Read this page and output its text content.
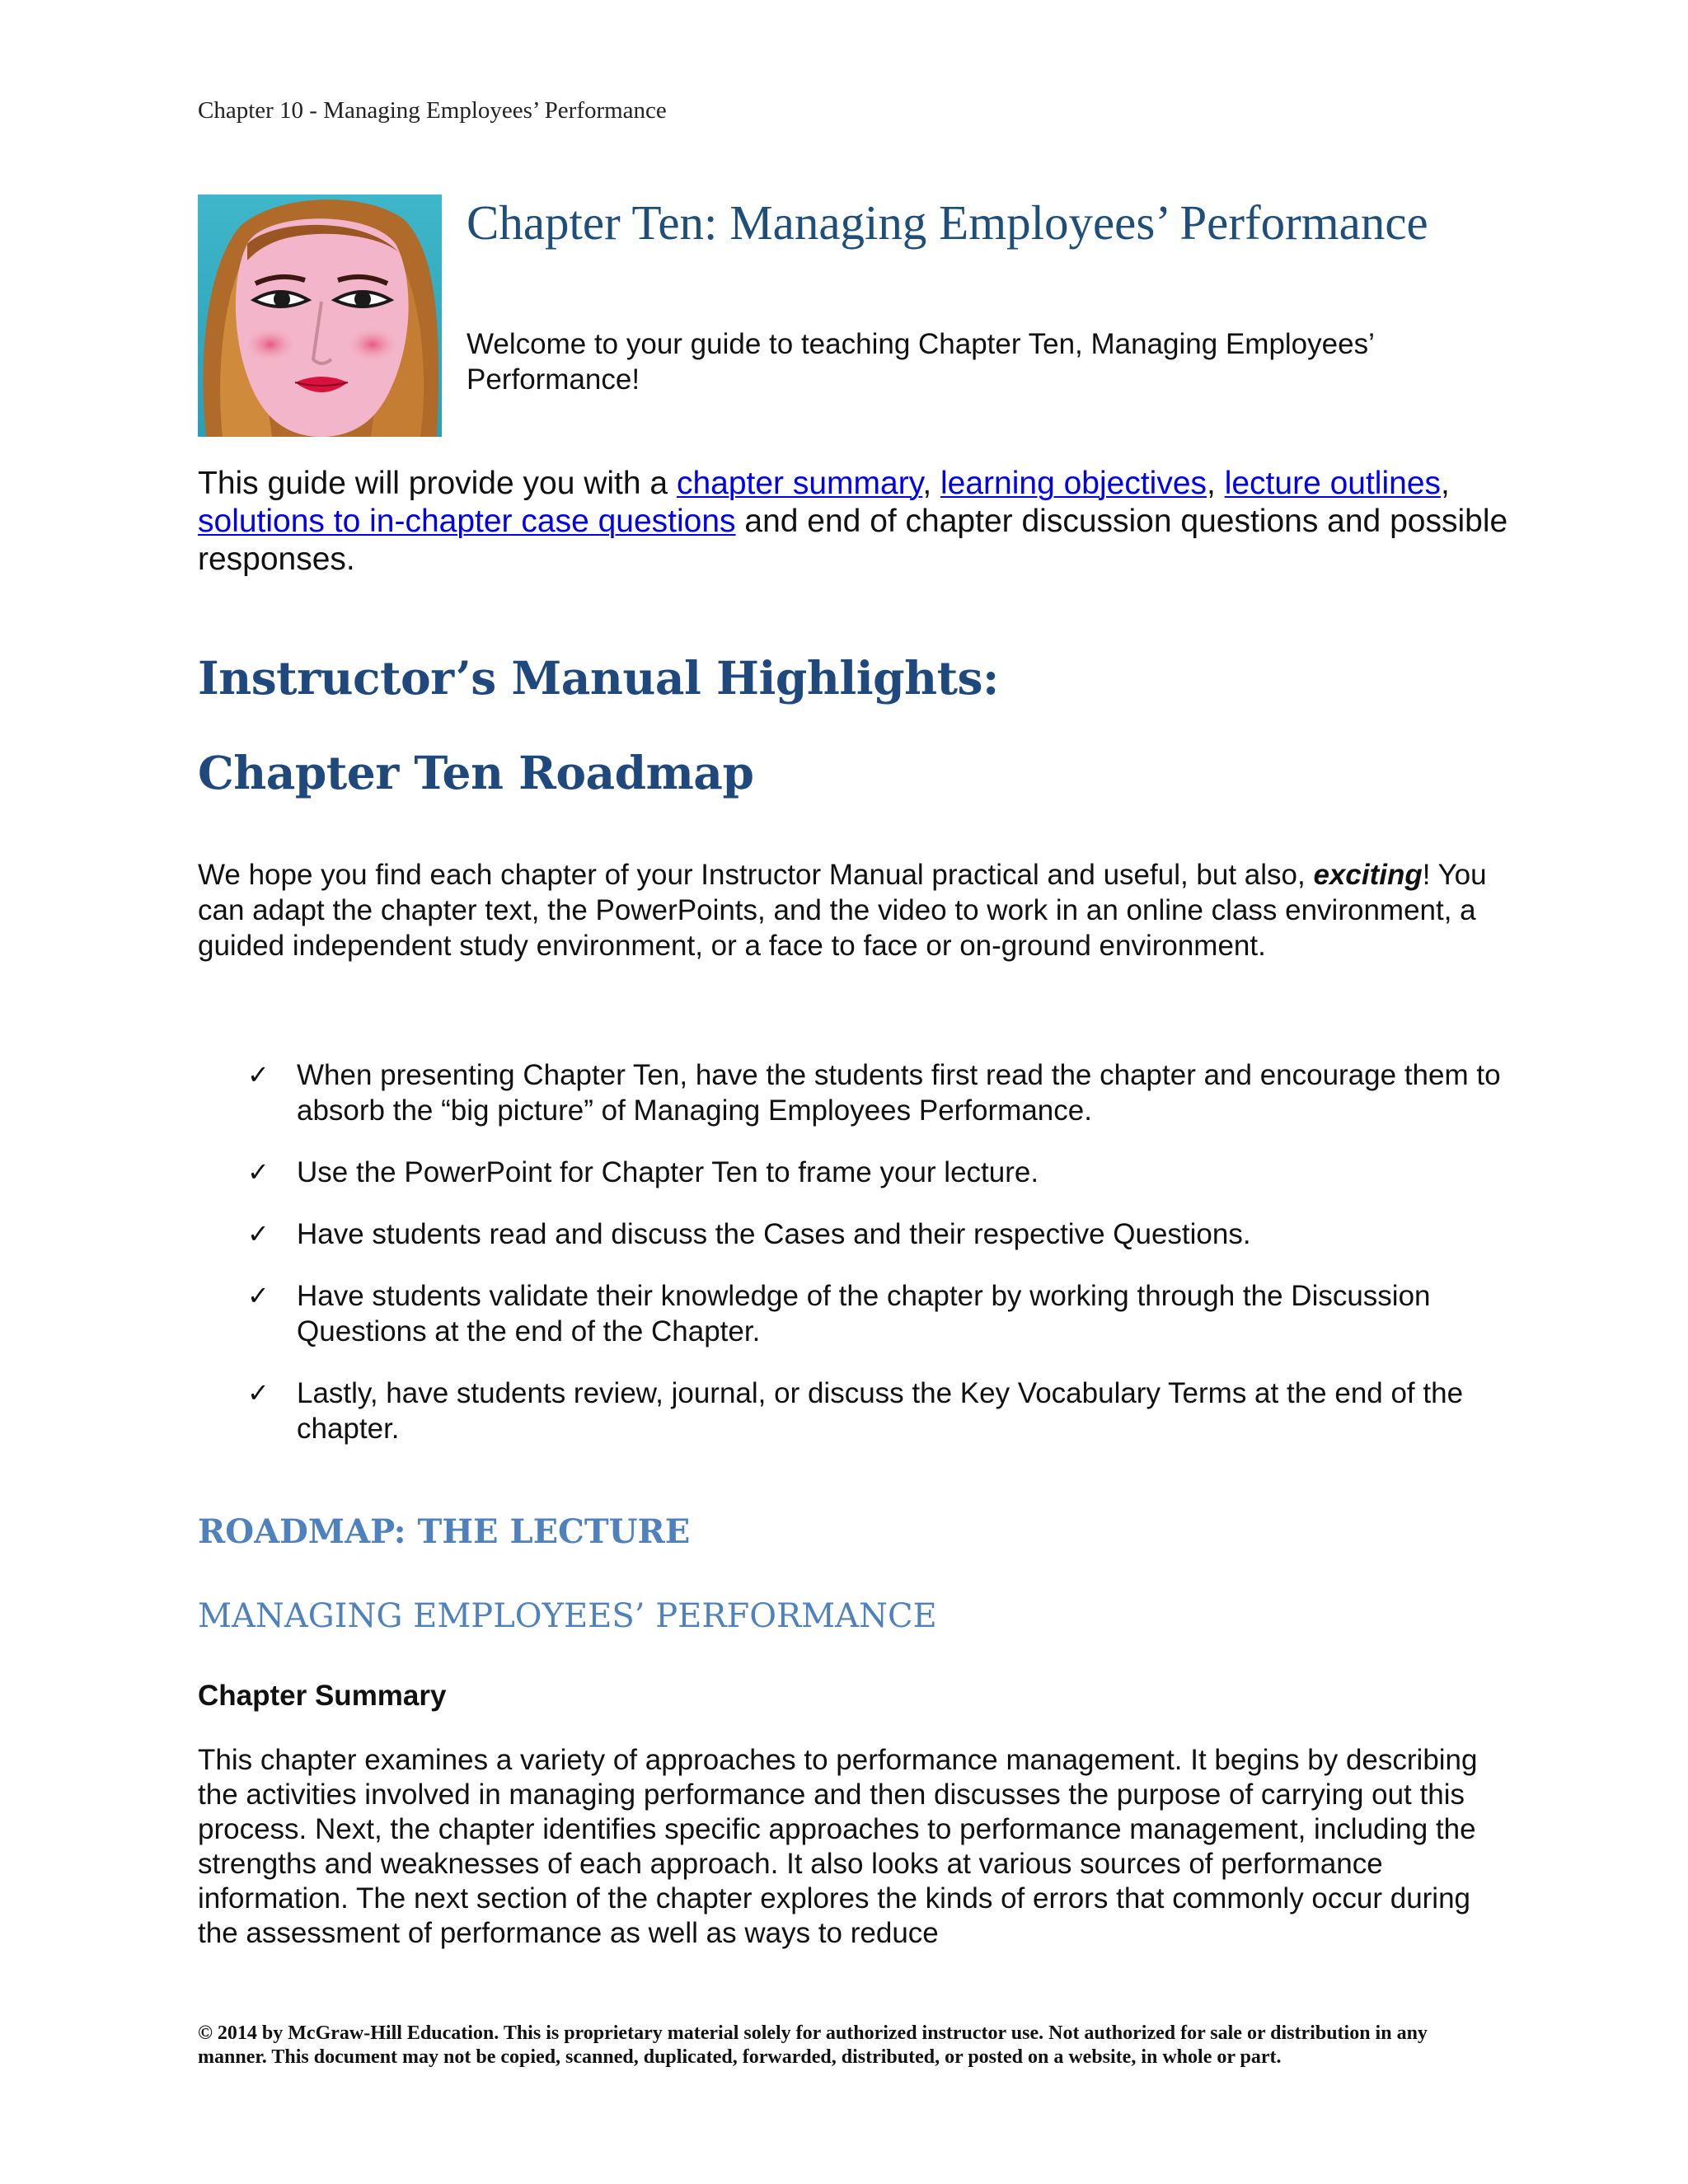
Chapter 10 - Managing Employees’ Performance
Chapter Ten: Managing Employees’ Performance
Welcome to your guide to teaching Chapter Ten, Managing Employees’ Performance!
This guide will provide you with a chapter summary, learning objectives, lecture outlines, solutions to in-chapter case questions and end of chapter discussion questions and possible responses.
Instructor’s Manual Highlights:
Chapter Ten Roadmap
We hope you find each chapter of your Instructor Manual practical and useful, but also, exciting! You can adapt the chapter text, the PowerPoints, and the video to work in an online class environment, a guided independent study environment, or a face to face or on-ground environment.
✓ When presenting Chapter Ten, have the students first read the chapter and encourage them to absorb the “big picture” of Managing Employees Performance.
✓ Use the PowerPoint for Chapter Ten to frame your lecture.
✓ Have students read and discuss the Cases and their respective Questions.
✓ Have students validate their knowledge of the chapter by working through the Discussion Questions at the end of the Chapter.
✓ Lastly, have students review, journal, or discuss the Key Vocabulary Terms at the end of the chapter.
ROADMAP: THE LECTURE
MANAGING EMPLOYEES’ PERFORMANCE
Chapter Summary
This chapter examines a variety of approaches to performance management. It begins by describing the activities involved in managing performance and then discusses the purpose of carrying out this process. Next, the chapter identifies specific approaches to performance management, including the strengths and weaknesses of each approach. It also looks at various sources of performance information. The next section of the chapter explores the kinds of errors that commonly occur during the assessment of performance as well as ways to reduce
© 2014 by McGraw-Hill Education. This is proprietary material solely for authorized instructor use. Not authorized for sale or distribution in any manner. This document may not be copied, scanned, duplicated, forwarded, distributed, or posted on a website, in whole or part.
